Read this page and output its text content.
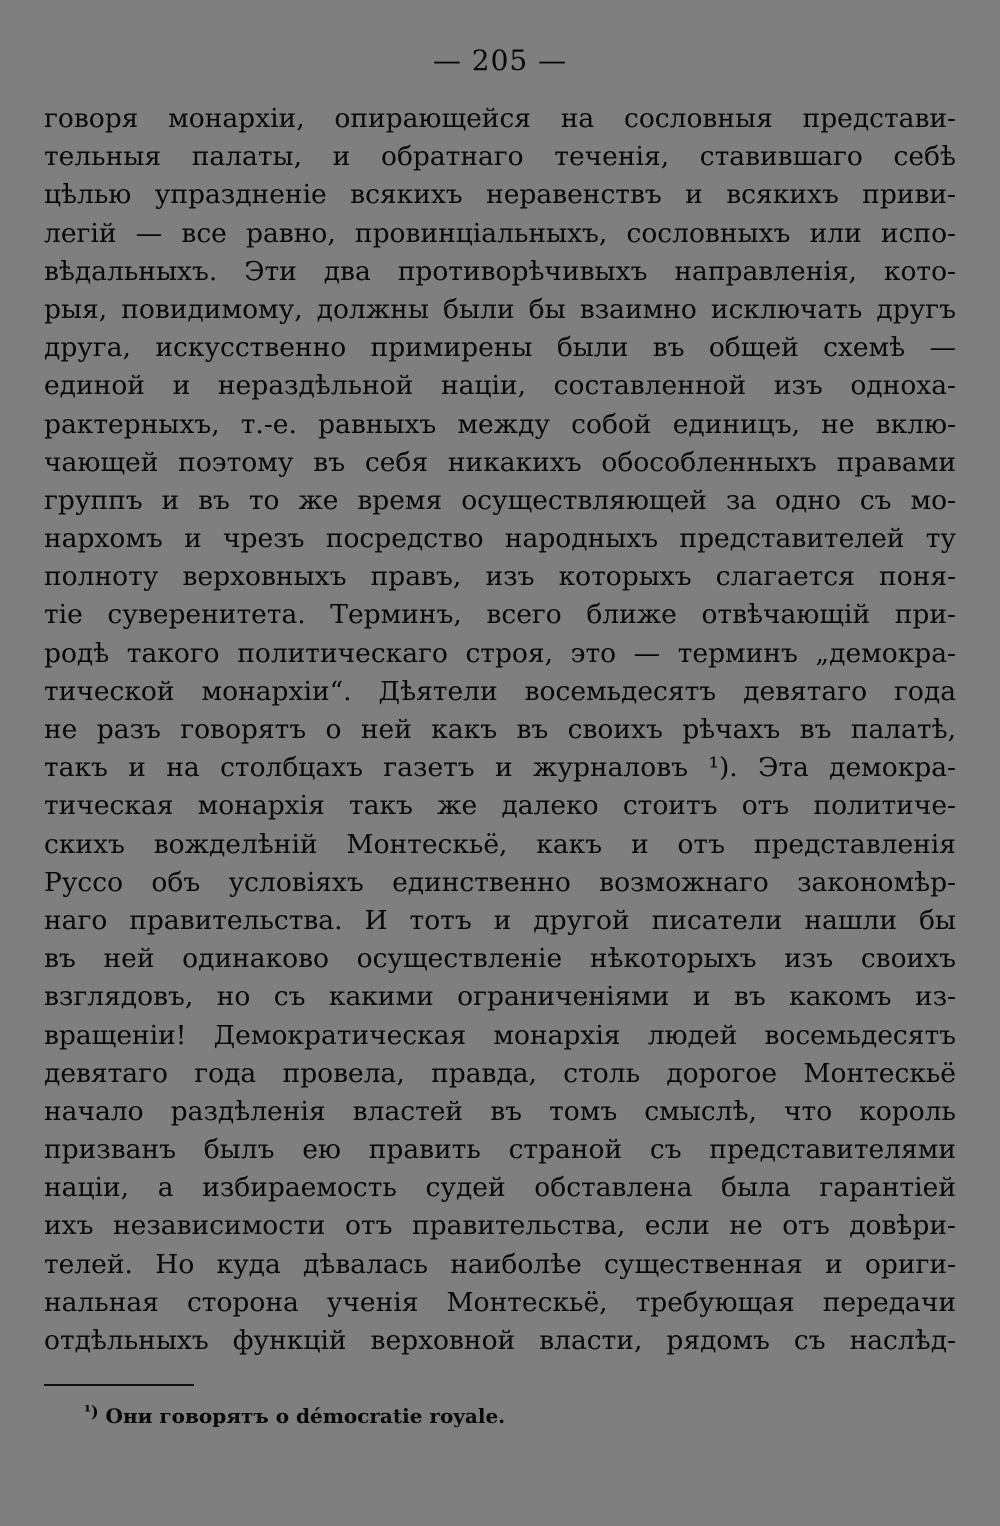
— 205 —
говоря монархіи, опирающейся на сословныя представи-
тельныя палаты, и обратнаго теченія, ставившаго себѣ
цѣлью упраздненіе всякихъ неравенствъ и всякихъ приви-
легій — все равно, провинціальныхъ, сословныхъ или испо-
вѣдальныхъ. Эти два противорѣчивыхъ направленія, кото-
рыя, повидимому, должны были бы взаимно исключать другъ
друга, искусственно примирены были въ общей схемѣ —
единой и нераздѣльной націи, составленной изъ одноха-
рактерныхъ, т.-е. равныхъ между собой единицъ, не вклю-
чающей поэтому въ себя никакихъ обособленныхъ правами
группъ и въ то же время осуществляющей за одно съ мо-
нархомъ и чрезъ посредство народныхъ представителей ту
полноту верховныхъ правъ, изъ которыхъ слагается поня-
тіе суверенитета. Терминъ, всего ближе отвѣчающій при-
родѣ такого политическаго строя, это — терминъ „демокра-
тической монархіи“. Дѣятели восемьдесятъ девятаго года
не разъ говорятъ о ней какъ въ своихъ рѣчахъ въ палатѣ,
такъ и на столбцахъ газетъ и журналовъ ¹). Эта демокра-
тическая монархія такъ же далеко стоитъ отъ политиче-
скихъ вожделѣній Монтескьё, какъ и отъ представленія
Руссо объ условіяхъ единственно возможнаго закономѣр-
наго правительства. И тотъ и другой писатели нашли бы
въ ней одинаково осуществленіе нѣкоторыхъ изъ своихъ
взглядовъ, но съ какими ограниченіями и въ какомъ из-
вращеніи! Демократическая монархія людей восемьдесятъ
девятаго года провела, правда, столь дорогое Монтескьё
начало раздѣленія властей въ томъ смыслѣ, что король
призванъ былъ ею править страной съ представителями
націи, а избираемость судей обставлена была гарантіей
ихъ независимости отъ правительства, если не отъ довѣри-
телей. Но куда дѣвалась наиболѣе существенная и ориги-
нальная сторона ученія Монтескьё, требующая передачи
отдѣльныхъ функцій верховной власти, рядомъ съ наслѣд-
$^{^1)}$ Они говорятъ о démocratie royale.
